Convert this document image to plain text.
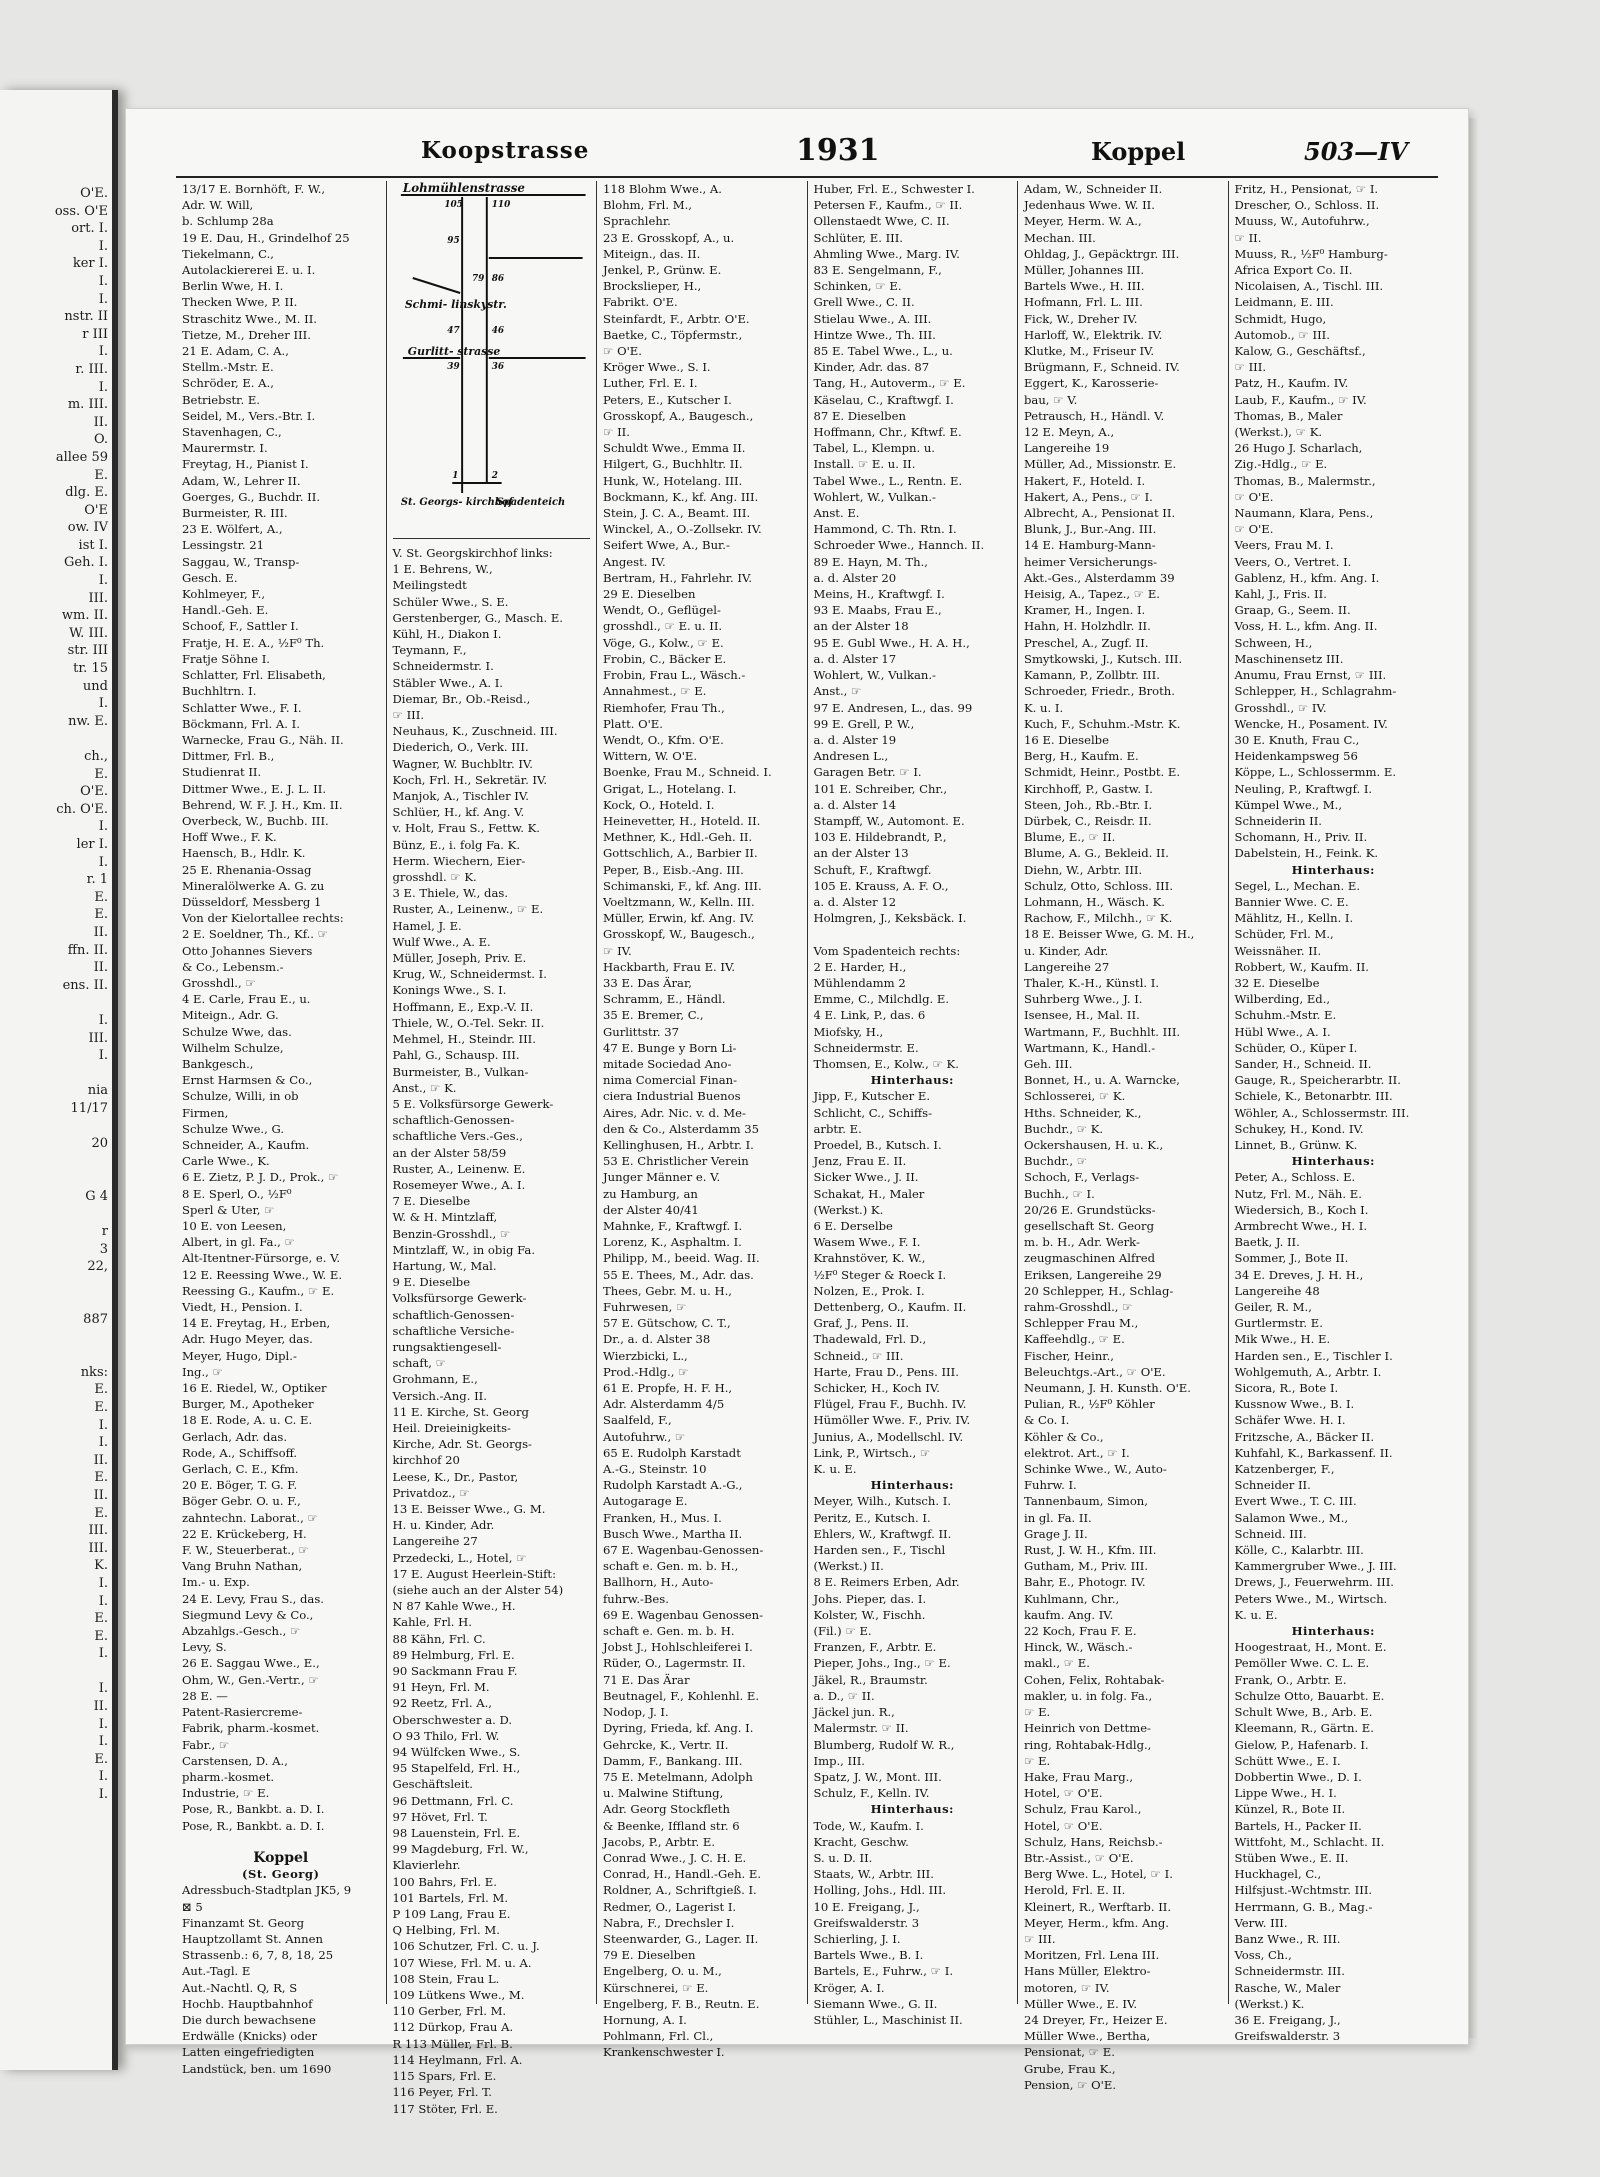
O'E.
oss. O'E
ort. I.
I.
ker I.
I.
I.
nstr. II
r III
I.
r. III.
I.
m. III.
II.
O.
allee 59
E.
dlg. E.
O'E
ow. IV
ist I.
Geh. I.
I.
III.
wm. II.
W. III.
str. III
tr. 15
und
I.
nw. E.

ch.,
E.
O'E.
ch. O'E.
I.
ler I.
I.
r. 1
E.
E.
II.
ffn. II.
II.
ens. II.

I.
III.
I.

nia
11/17

20

G 4

r
3
22,

887

nks:
E.
E.
I.
I.
II.
E.
II.
E.
III.
III.
K.
I.
I.
E.
E.
I.

I.
II.
I.
I.
E.
I.
I.
Koopstrasse	1931	Koppel	503—IV
13/17 E. Bornhöft, F. W.,
Adr. W. Will,
b. Schlump 28a
19 E. Dau, H., Grindelhof 25
Tiekelmann, C.,
Autolackiererei E. u. I.
Berlin Wwe, H. I.
Thecken Wwe, P. II.
Straschitz Wwe., M. II.
Tietze, M., Dreher III.
21 E. Adam, C. A.,
Stellm.-Mstr. E.
Schröder, E. A.,
Betriebstr. E.
Seidel, M., Vers.-Btr. I.
Stavenhagen, C.,
Maurermstr. I.
Freytag, H., Pianist I.
Adam, W., Lehrer II.
Goerges, G., Buchdr. II.
Burmeister, R. III.
23 E. Wölfert, A.,
Lessingstr. 21
Saggau, W., Transp-
Gesch. E.
Kohlmeyer, F.,
Handl.-Geh. E.
Schoof, F., Sattler I.
Fratje, H. E. A., ½F⁰ Th.
Fratje Söhne I.
Schlatter, Frl. Elisabeth,
Buchhltrn. I.
Schlatter Wwe., F. I.
Böckmann, Frl. A. I.
Warnecke, Frau G., Näh. II.
Dittmer, Frl. B.,
Studienrat II.
Dittmer Wwe., E. J. L. II.
Behrend, W. F. J. H., Km. II.
Overbeck, W., Buchb. III.
Hoff Wwe., F. K.
Haensch, B., Hdlr. K.
25 E. Rhenania-Ossag
Mineralölwerke A. G. zu
Düsseldorf, Messberg 1
Von der Kielortallee rechts:
2 E. Soeldner, Th., Kf.. ☞
Otto Johannes Sievers
& Co., Lebensm.-
Grosshdl., ☞
4 E. Carle, Frau E., u.
Miteign., Adr. G.
Schulze Wwe, das.
Wilhelm Schulze,
Bankgesch.,
Ernst Harmsen & Co.,
Schulze, Willi, in ob
Firmen,
Schulze Wwe., G.
Schneider, A., Kaufm.
Carle Wwe., K.
6 E. Zietz, P. J. D., Prok., ☞
8 E. Sperl, O., ½F⁰
Sperl & Uter, ☞
10 E. von Leesen,
Albert, in gl. Fa., ☞
Alt-Itentner-Fürsorge, e. V.
12 E. Reessing Wwe., W. E.
Reessing G., Kaufm., ☞ E.
Viedt, H., Pension. I.
14 E. Freytag, H., Erben,
Adr. Hugo Meyer, das.
Meyer, Hugo, Dipl.-
Ing., ☞
16 E. Riedel, W., Optiker
Burger, M., Apotheker
18 E. Rode, A. u. C. E.
Gerlach, Adr. das.
Rode, A., Schiffsoff.
Gerlach, C. E., Kfm.
20 E. Böger, T. G. F.
Böger Gebr. O. u. F.,
zahntechn. Laborat., ☞
22 E. Krückeberg, H.
F. W., Steuerberat., ☞
Vang Bruhn Nathan,
Im.- u. Exp.
24 E. Levy, Frau S., das.
Siegmund Levy & Co.,
Abzahlgs.-Gesch., ☞
Levy, S.
26 E. Saggau Wwe., E.,
Ohm, W., Gen.-Vertr., ☞
28 E. —
Patent-Rasiercreme-
Fabrik, pharm.-kosmet.
Fabr., ☞
Carstensen, D. A.,
pharm.-kosmet.
Industrie, ☞ E.
Pose, R., Bankbt. a. D. I.
Pose, R., Bankbt. a. D. I.

Koppel
(St. Georg)
Adressbuch-Stadtplan JK5, 9
⊠ 5
Finanzamt St. Georg
Hauptzollamt St. Annen
Strassenb.: 6, 7, 8, 18, 25
Aut.-Tagl. E
Aut.-Nachtl. Q, R, S
Hochb. Hauptbahnhof
Die durch bewachsene
Erdwälle (Knicks) oder
Latten eingefriedigten
Landstück, ben. um 1690
Lohmühlenstrasse
Schmi- linskystr.
Gurlitt- strasse
St. Georgs- kirchhof
Spadenteich
105	110
95
79 86
47	46
39	36
1	2
V. St. Georgskirchhof links:
1 E. Behrens, W.,
Meilingstedt
Schüler Wwe., S. E.
Gerstenberger, G., Masch. E.
Kühl, H., Diakon I.
Teymann, F.,
Schneidermstr. I.
Stäbler Wwe., A. I.
Diemar, Br., Ob.-Reisd.,
☞ III.
Neuhaus, K., Zuschneid. III.
Diederich, O., Verk. III.
Wagner, W. Buchbltr. IV.
Koch, Frl. H., Sekretär. IV.
Manjok, A., Tischler IV.
Schlüer, H., kf. Ang. V.
v. Holt, Frau S., Fettw. K.
Bünz, E., i. folg Fa. K.
Herm. Wiechern, Eier-
grosshdl. ☞ K.
3 E. Thiele, W., das.
Ruster, A., Leinenw., ☞ E.
Hamel, J. E.
Wulf Wwe., A. E.
Müller, Joseph, Priv. E.
Krug, W., Schneidermst. I.
Konings Wwe., S. I.
Hoffmann, E., Exp.-V. II.
Thiele, W., O.-Tel. Sekr. II.
Mehmel, H., Steindr. III.
Pahl, G., Schausp. III.
Burmeister, B., Vulkan-
Anst., ☞ K.
5 E. Volksfürsorge Gewerk-
schaftlich-Genossen-
schaftliche Vers.-Ges.,
an der Alster 58/59
Ruster, A., Leinenw. E.
Rosemeyer Wwe., A. I.
7 E. Dieselbe
W. & H. Mintzlaff,
Benzin-Grosshdl., ☞
Mintzlaff, W., in obig Fa.
Hartung, W., Mal.
9 E. Dieselbe
Volksfürsorge Gewerk-
schaftlich-Genossen-
schaftliche Versiche-
rungsaktiengesell-
schaft, ☞
Grohmann, E.,
Versich.-Ang. II.
11 E. Kirche, St. Georg
Heil. Dreieinigkeits-
Kirche, Adr. St. Georgs-
kirchhof 20
Leese, K., Dr., Pastor,
Privatdoz., ☞
13 E. Beisser Wwe., G. M.
H. u. Kinder, Adr.
Langereihe 27
Przedecki, L., Hotel, ☞
17 E. August Heerlein-Stift:
(siehe auch an der Alster 54)
N 87 Kahle Wwe., H.
Kahle, Frl. H.
88 Kähn, Frl. C.
89 Helmburg, Frl. E.
90 Sackmann Frau F.
91 Heyn, Frl. M.
92 Reetz, Frl. A.,
Oberschwester a. D.
O 93 Thilo, Frl. W.
94 Wülfcken Wwe., S.
95 Stapelfeld, Frl. H.,
Geschäftsleit.
96 Dettmann, Frl. C.
97 Hövet, Frl. T.
98 Lauenstein, Frl. E.
99 Magdeburg, Frl. W.,
Klavierlehr.
100 Bahrs, Frl. E.
101 Bartels, Frl. M.
P 109 Lang, Frau E.
Q Helbing, Frl. M.
106 Schutzer, Frl. C. u. J.
107 Wiese, Frl. M. u. A.
108 Stein, Frau L.
109 Lütkens Wwe., M.
110 Gerber, Frl. M.
112 Dürkop, Frau A.
R 113 Müller, Frl. B.
114 Heylmann, Frl. A.
115 Spars, Frl. E.
116 Peyer, Frl. T.
117 Stöter, Frl. E.
118 Blohm Wwe., A.
Blohm, Frl. M.,
Sprachlehr.
23 E. Grosskopf, A., u.
Miteign., das. II.
Jenkel, P., Grünw. E.
Brockslieper, H.,
Fabrikt. O'E.
Steinfardt, F., Arbtr. O'E.
Baetke, C., Töpfermstr.,
☞ O'E.
Kröger Wwe., S. I.
Luther, Frl. E. I.
Peters, E., Kutscher I.
Grosskopf, A., Baugesch.,
☞ II.
Schuldt Wwe., Emma II.
Hilgert, G., Buchhltr. II.
Hunk, W., Hotelang. III.
Bockmann, K., kf. Ang. III.
Stein, J. C. A., Beamt. III.
Winckel, A., O.-Zollsekr. IV.
Seifert Wwe, A., Bur.-
Angest. IV.
Bertram, H., Fahrlehr. IV.
29 E. Dieselben
Wendt, O., Geflügel-
grosshdl., ☞ E. u. II.
Vöge, G., Kolw., ☞ E.
Frobin, C., Bäcker E.
Frobin, Frau L., Wäsch.-
Annahmest., ☞ E.
Riemhofer, Frau Th.,
Platt. O'E.
Wendt, O., Kfm. O'E.
Wittern, W. O'E.
Boenke, Frau M., Schneid. I.
Grigat, L., Hotelang. I.
Kock, O., Hoteld. I.
Heinevetter, H., Hoteld. II.
Methner, K., Hdl.-Geh. II.
Gottschlich, A., Barbier II.
Peper, B., Eisb.-Ang. III.
Schimanski, F., kf. Ang. III.
Voeltzmann, W., Kelln. III.
Müller, Erwin, kf. Ang. IV.
Grosskopf, W., Baugesch.,
☞ IV.
Hackbarth, Frau E. IV.
33 E. Das Ärar,
Schramm, E., Händl.
35 E. Bremer, C.,
Gurlittstr. 37
47 E. Bunge y Born Li-
mitade Sociedad Ano-
nima Comercial Finan-
ciera Industrial Buenos
Aires, Adr. Nic. v. d. Me-
den & Co., Alsterdamm 35
Kellinghusen, H., Arbtr. I.
53 E. Christlicher Verein
Junger Männer e. V.
zu Hamburg, an
der Alster 40/41
Mahnke, F., Kraftwgf. I.
Lorenz, K., Asphaltm. I.
Philipp, M., beeid. Wag. II.
55 E. Thees, M., Adr. das.
Thees, Gebr. M. u. H.,
Fuhrwesen, ☞
57 E. Gütschow, C. T.,
Dr., a. d. Alster 38
Wierzbicki, L.,
Prod.-Hdlg., ☞
61 E. Propfe, H. F. H.,
Adr. Alsterdamm 4/5
Saalfeld, F.,
Autofuhrw., ☞
65 E. Rudolph Karstadt
A.-G., Steinstr. 10
Rudolph Karstadt A.-G.,
Autogarage E.
Franken, H., Mus. I.
Busch Wwe., Martha II.
67 E. Wagenbau-Genossen-
schaft e. Gen. m. b. H.,
Ballhorn, H., Auto-
fuhrw.-Bes.
69 E. Wagenbau Genossen-
schaft e. Gen. m. b. H.
Jobst J., Hohlschleiferei I.
Rüder, O., Lagermstr. II.
71 E. Das Ärar
Beutnagel, F., Kohlenhl. E.
Nodop, J. I.
Dyring, Frieda, kf. Ang. I.
Gehrcke, K., Vertr. II.
Damm, F., Bankang. III.
75 E. Metelmann, Adolph
u. Malwine Stiftung,
Adr. Georg Stockfleth
& Beenke, Iffland str. 6
Jacobs, P., Arbtr. E.
Conrad Wwe., J. C. H. E.
Conrad, H., Handl.-Geh. E.
Roldner, A., Schriftgieß. I.
Redmer, O., Lagerist I.
Nabra, F., Drechsler I.
Steenwarder, G., Lager. II.
79 E. Dieselben
Engelberg, O. u. M.,
Kürschnerei, ☞ E.
Engelberg, F. B., Reutn. E.
Hornung, A. I.
Pohlmann, Frl. Cl.,
Krankenschwester I.
Huber, Frl. E., Schwester I.
Petersen F., Kaufm., ☞ II.
Ollenstaedt Wwe, C. II.
Schlüter, E. III.
Ahmling Wwe., Marg. IV.
83 E. Sengelmann, F.,
Schinken, ☞ E.
Grell Wwe., C. II.
Stielau Wwe., A. III.
Hintze Wwe., Th. III.
85 E. Tabel Wwe., L., u.
Kinder, Adr. das. 87
Tang, H., Autoverm., ☞ E.
Käselau, C., Kraftwgf. I.
87 E. Dieselben
Hoffmann, Chr., Kftwf. E.
Tabel, L., Klempn. u.
Install. ☞ E. u. II.
Tabel Wwe., L., Rentn. E.
Wohlert, W., Vulkan.-
Anst. E.
Hammond, C. Th. Rtn. I.
Schroeder Wwe., Hannch. II.
89 E. Hayn, M. Th.,
a. d. Alster 20
Meins, H., Kraftwgf. I.
93 E. Maabs, Frau E.,
an der Alster 18
95 E. Gubl Wwe., H. A. H.,
a. d. Alster 17
Wohlert, W., Vulkan.-
Anst., ☞
97 E. Andresen, L., das. 99
99 E. Grell, P. W.,
a. d. Alster 19
Andresen L.,
Garagen Betr. ☞ I.
101 E. Schreiber, Chr.,
a. d. Alster 14
Stampff, W., Automont. E.
103 E. Hildebrandt, P.,
an der Alster 13
Schuft, F., Kraftwgf.
105 E. Krauss, A. F. O.,
a. d. Alster 12
Holmgren, J., Keksbäck. I.

Vom Spadenteich rechts:
2 E. Harder, H.,
Mühlendamm 2
Emme, C., Milchdlg. E.
4 E. Link, P., das. 6
Miofsky, H.,
Schneidermstr. E.
Thomsen, E., Kolw., ☞ K.
Hinterhaus:
Jipp, F., Kutscher E.
Schlicht, C., Schiffs-
arbtr. E.
Proedel, B., Kutsch. I.
Jenz, Frau E. II.
Sicker Wwe., J. II.
Schakat, H., Maler
(Werkst.) K.
6 E. Derselbe
Wasem Wwe., F. I.
Krahnstöver, K. W.,
½F⁰ Steger & Roeck I.
Nolzen, E., Prok. I.
Dettenberg, O., Kaufm. II.
Graf, J., Pens. II.
Thadewald, Frl. D.,
Schneid., ☞ III.
Harte, Frau D., Pens. III.
Schicker, H., Koch IV.
Flügel, Frau F., Buchh. IV.
Hümöller Wwe. F., Priv. IV.
Junius, A., Modellschl. IV.
Link, P., Wirtsch., ☞
K. u. E.
Hinterhaus:
Meyer, Wilh., Kutsch. I.
Peritz, E., Kutsch. I.
Ehlers, W., Kraftwgf. II.
Harden sen., F., Tischl
(Werkst.) II.
8 E. Reimers Erben, Adr.
Johs. Pieper, das. I.
Kolster, W., Fischh.
(Fil.) ☞ E.
Franzen, F., Arbtr. E.
Pieper, Johs., Ing., ☞ E.
Jäkel, R., Braumstr.
a. D., ☞ II.
Jäckel jun. R.,
Malermstr. ☞ II.
Blumberg, Rudolf W. R.,
Imp., III.
Spatz, J. W., Mont. III.
Schulz, F., Kelln. IV.
Hinterhaus:
Tode, W., Kaufm. I.
Kracht, Geschw.
S. u. D. II.
Staats, W., Arbtr. III.
Holling, Johs., Hdl. III.
10 E. Freigang, J.,
Greifswalderstr. 3
Schierling, J. I.
Bartels Wwe., B. I.
Bartels, E., Fuhrw., ☞ I.
Kröger, A. I.
Siemann Wwe., G. II.
Stühler, L., Maschinist II.
Adam, W., Schneider II.
Jedenhaus Wwe. W. II.
Meyer, Herm. W. A.,
Mechan. III.
Ohldag, J., Gepäcktrgr. III.
Müller, Johannes III.
Bartels Wwe., H. III.
Hofmann, Frl. L. III.
Fick, W., Dreher IV.
Harloff, W., Elektrik. IV.
Klutke, M., Friseur IV.
Brügmann, F., Schneid. IV.
Eggert, K., Karosserie-
bau, ☞ V.
Petrausch, H., Händl. V.
12 E. Meyn, A.,
Langereihe 19
Müller, Ad., Missionstr. E.
Hakert, F., Hoteld. I.
Hakert, A., Pens., ☞ I.
Albrecht, A., Pensionat II.
Blunk, J., Bur.-Ang. III.
14 E. Hamburg-Mann-
heimer Versicherungs-
Akt.-Ges., Alsterdamm 39
Heisig, A., Tapez., ☞ E.
Kramer, H., Ingen. I.
Hahn, H. Holzhdlr. II.
Preschel, A., Zugf. II.
Smytkowski, J., Kutsch. III.
Kamann, P., Zollbtr. III.
Schroeder, Friedr., Broth.
K. u. I.
Kuch, F., Schuhm.-Mstr. K.
16 E. Dieselbe
Berg, H., Kaufm. E.
Schmidt, Heinr., Postbt. E.
Kirchhoff, P., Gastw. I.
Steen, Joh., Rb.-Btr. I.
Dürbek, C., Reisdr. II.
Blume, E., ☞ II.
Blume, A. G., Bekleid. II.
Diehn, W., Arbtr. III.
Schulz, Otto, Schloss. III.
Lohmann, H., Wäsch. K.
Rachow, F., Milchh., ☞ K.
18 E. Beisser Wwe, G. M. H.,
u. Kinder, Adr.
Langereihe 27
Thaler, K.-H., Künstl. I.
Suhrberg Wwe., J. I.
Isensee, H., Mal. II.
Wartmann, F., Buchhlt. III.
Wartmann, K., Handl.-
Geh. III.
Bonnet, H., u. A. Warncke,
Schlosserei, ☞ K.
Hths. Schneider, K.,
Buchdr., ☞ K.
Ockershausen, H. u. K.,
Buchdr., ☞
Schoch, F., Verlags-
Buchh., ☞ I.
20/26 E. Grundstücks-
gesellschaft St. Georg
m. b. H., Adr. Werk-
zeugmaschinen Alfred
Eriksen, Langereihe 29
20 Schlepper, H., Schlag-
rahm-Grosshdl., ☞
Schlepper Frau M.,
Kaffeehdlg., ☞ E.
Fischer, Heinr.,
Beleuchtgs.-Art., ☞ O'E.
Neumann, J. H. Kunsth. O'E.
Pulian, R., ½F⁰ Köhler
& Co. I.
Köhler & Co.,
elektrot. Art., ☞ I.
Schinke Wwe., W., Auto-
Fuhrw. I.
Tannenbaum, Simon,
in gl. Fa. II.
Grage J. II.
Rust, J. W. H., Kfm. III.
Gutham, M., Priv. III.
Bahr, E., Photogr. IV.
Kuhlmann, Chr.,
kaufm. Ang. IV.
22 Koch, Frau F. E.
Hinck, W., Wäsch.-
makl., ☞ E.
Cohen, Felix, Rohtabak-
makler, u. in folg. Fa.,
☞ E.
Heinrich von Dettme-
ring, Rohtabak-Hdlg.,
☞ E.
Hake, Frau Marg.,
Hotel, ☞ O'E.
Schulz, Frau Karol.,
Hotel, ☞ O'E.
Schulz, Hans, Reichsb.-
Btr.-Assist., ☞ O'E.
Berg Wwe. L., Hotel, ☞ I.
Herold, Frl. E. II.
Kleinert, R., Werftarb. II.
Meyer, Herm., kfm. Ang.
☞ III.
Moritzen, Frl. Lena III.
Hans Müller, Elektro-
motoren, ☞ IV.
Müller Wwe., E. IV.
24 Dreyer, Fr., Heizer E.
Müller Wwe., Bertha,
Pensionat, ☞ E.
Grube, Frau K.,
Pension, ☞ O'E.
Fritz, H., Pensionat, ☞ I.
Drescher, O., Schloss. II.
Muuss, W., Autofuhrw.,
☞ II.
Muuss, R., ½F⁰ Hamburg-
Africa Export Co. II.
Nicolaisen, A., Tischl. III.
Leidmann, E. III.
Schmidt, Hugo,
Automob., ☞ III.
Kalow, G., Geschäftsf.,
☞ III.
Patz, H., Kaufm. IV.
Laub, F., Kaufm., ☞ IV.
Thomas, B., Maler
(Werkst.), ☞ K.
26 Hugo J. Scharlach,
Zig.-Hdlg., ☞ E.
Thomas, B., Malermstr.,
☞ O'E.
Naumann, Klara, Pens.,
☞ O'E.
Veers, Frau M. I.
Veers, O., Vertret. I.
Gablenz, H., kfm. Ang. I.
Kahl, J., Fris. II.
Graap, G., Seem. II.
Voss, H. L., kfm. Ang. II.
Schween, H.,
Maschinensetz III.
Anumu, Frau Ernst, ☞ III.
Schlepper, H., Schlagrahm-
Grosshdl., ☞ IV.
Wencke, H., Posament. IV.
30 E. Knuth, Frau C.,
Heidenkampsweg 56
Köppe, L., Schlossermm. E.
Neuling, P., Kraftwgf. I.
Kümpel Wwe., M.,
Schneiderin II.
Schomann, H., Priv. II.
Dabelstein, H., Feink. K.
Hinterhaus:
Segel, L., Mechan. E.
Bannier Wwe. C. E.
Mählitz, H., Kelln. I.
Schüder, Frl. M.,
Weissnäher. II.
Robbert, W., Kaufm. II.
32 E. Dieselbe
Wilberding, Ed.,
Schuhm.-Mstr. E.
Hübl Wwe., A. I.
Schüder, O., Küper I.
Sander, H., Schneid. II.
Gauge, R., Speicherarbtr. II.
Schiele, K., Betonarbtr. III.
Wöhler, A., Schlossermstr. III.
Schukey, H., Kond. IV.
Linnet, B., Grünw. K.
Hinterhaus:
Peter, A., Schloss. E.
Nutz, Frl. M., Näh. E.
Wiedersich, B., Koch I.
Armbrecht Wwe., H. I.
Baetk, J. II.
Sommer, J., Bote II.
34 E. Dreves, J. H. H.,
Langereihe 48
Geiler, R. M.,
Gurtlermstr. E.
Mik Wwe., H. E.
Harden sen., E., Tischler I.
Wohlgemuth, A., Arbtr. I.
Sicora, R., Bote I.
Kussnow Wwe., B. I.
Schäfer Wwe. H. I.
Fritzsche, A., Bäcker II.
Kuhfahl, K., Barkassenf. II.
Katzenberger, F.,
Schneider II.
Evert Wwe., T. C. III.
Salamon Wwe., M.,
Schneid. III.
Kölle, C., Kalarbtr. III.
Kammergruber Wwe., J. III.
Drews, J., Feuerwehrm. III.
Peters Wwe., M., Wirtsch.
K. u. E.
Hinterhaus:
Hoogestraat, H., Mont. E.
Pemöller Wwe. C. L. E.
Frank, O., Arbtr. E.
Schulze Otto, Bauarbt. E.
Schult Wwe, B., Arb. E.
Kleemann, R., Gärtn. E.
Gielow, P., Hafenarb. I.
Schütt Wwe., E. I.
Dobbertin Wwe., D. I.
Lippe Wwe., H. I.
Künzel, R., Bote II.
Bartels, H., Packer II.
Wittfoht, M., Schlacht. II.
Stüben Wwe., E. II.
Huckhagel, C.,
Hilfsjust.-Wchtmstr. III.
Herrmann, G. B., Mag.-
Verw. III.
Banz Wwe., R. III.
Voss, Ch.,
Schneidermstr. III.
Rasche, W., Maler
(Werkst.) K.
36 E. Freigang, J.,
Greifswalderstr. 3
